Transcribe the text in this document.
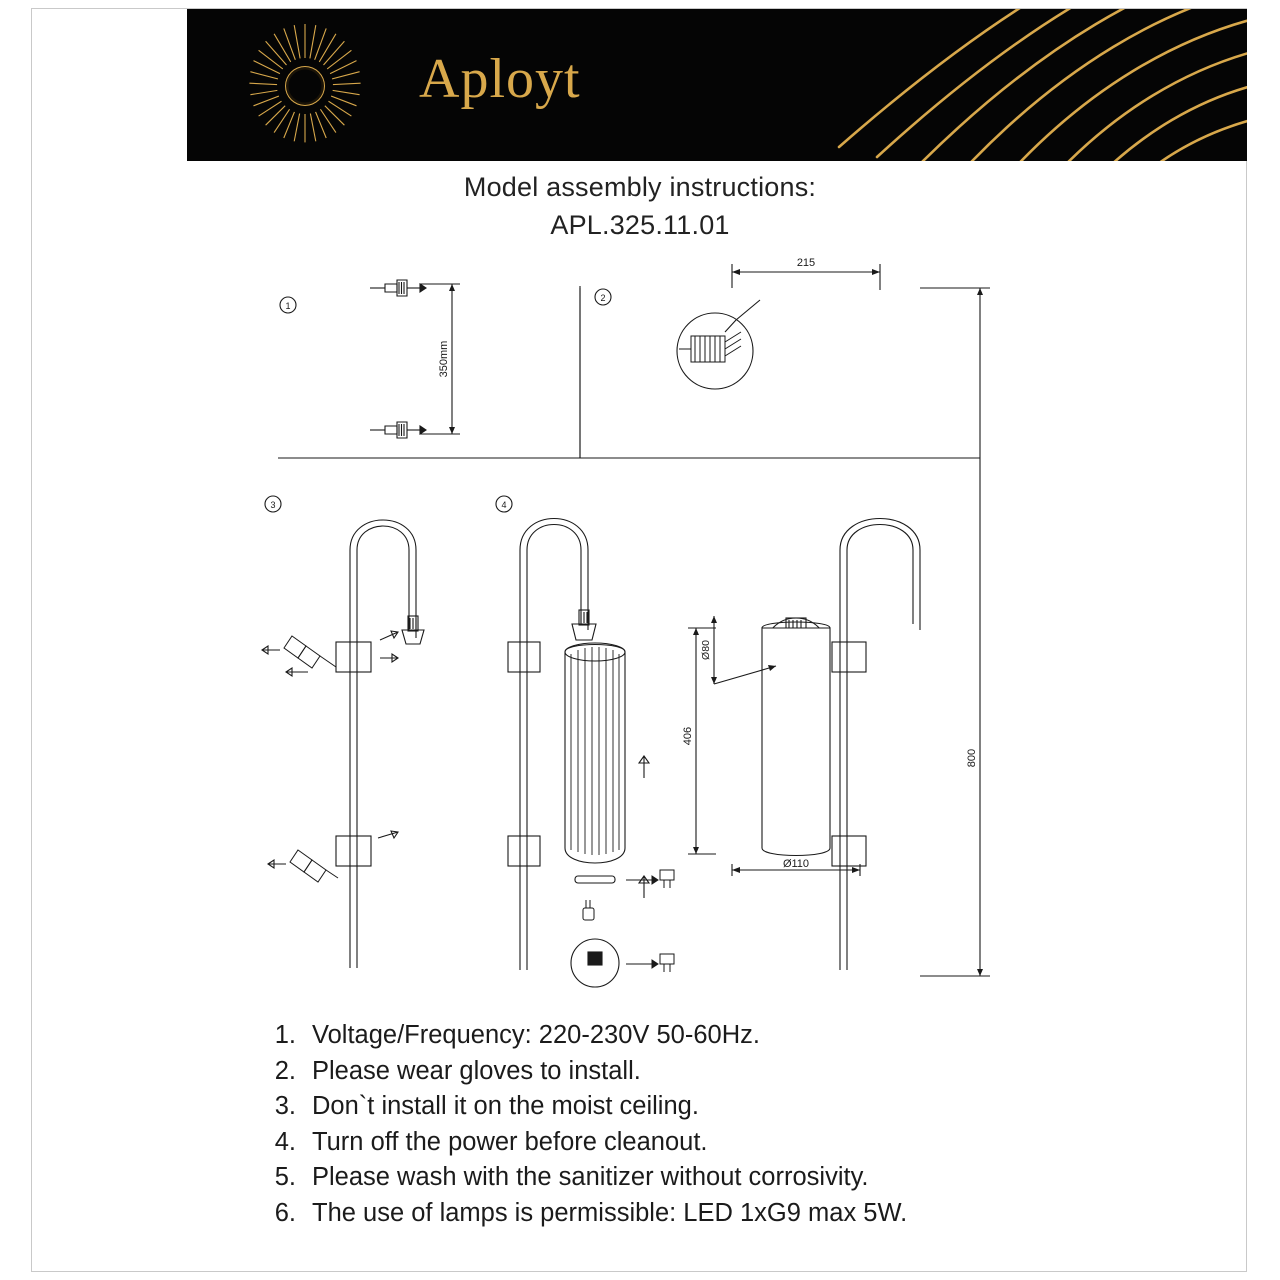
Aployt
Model assembly instructions:
APL.325.11.01
1
2
3	4
350mm
215
Ø80
406
Ø110
800
1. Voltage/Frequency: 220-230V 50-60Hz.
2. Please wear gloves to install.
3. Don`t install it on the moist ceiling.
4. Turn off the power before cleanout.
5. Please wash with the sanitizer without corrosivity.
6. The use of lamps is permissible: LED 1xG9 max 5W.
